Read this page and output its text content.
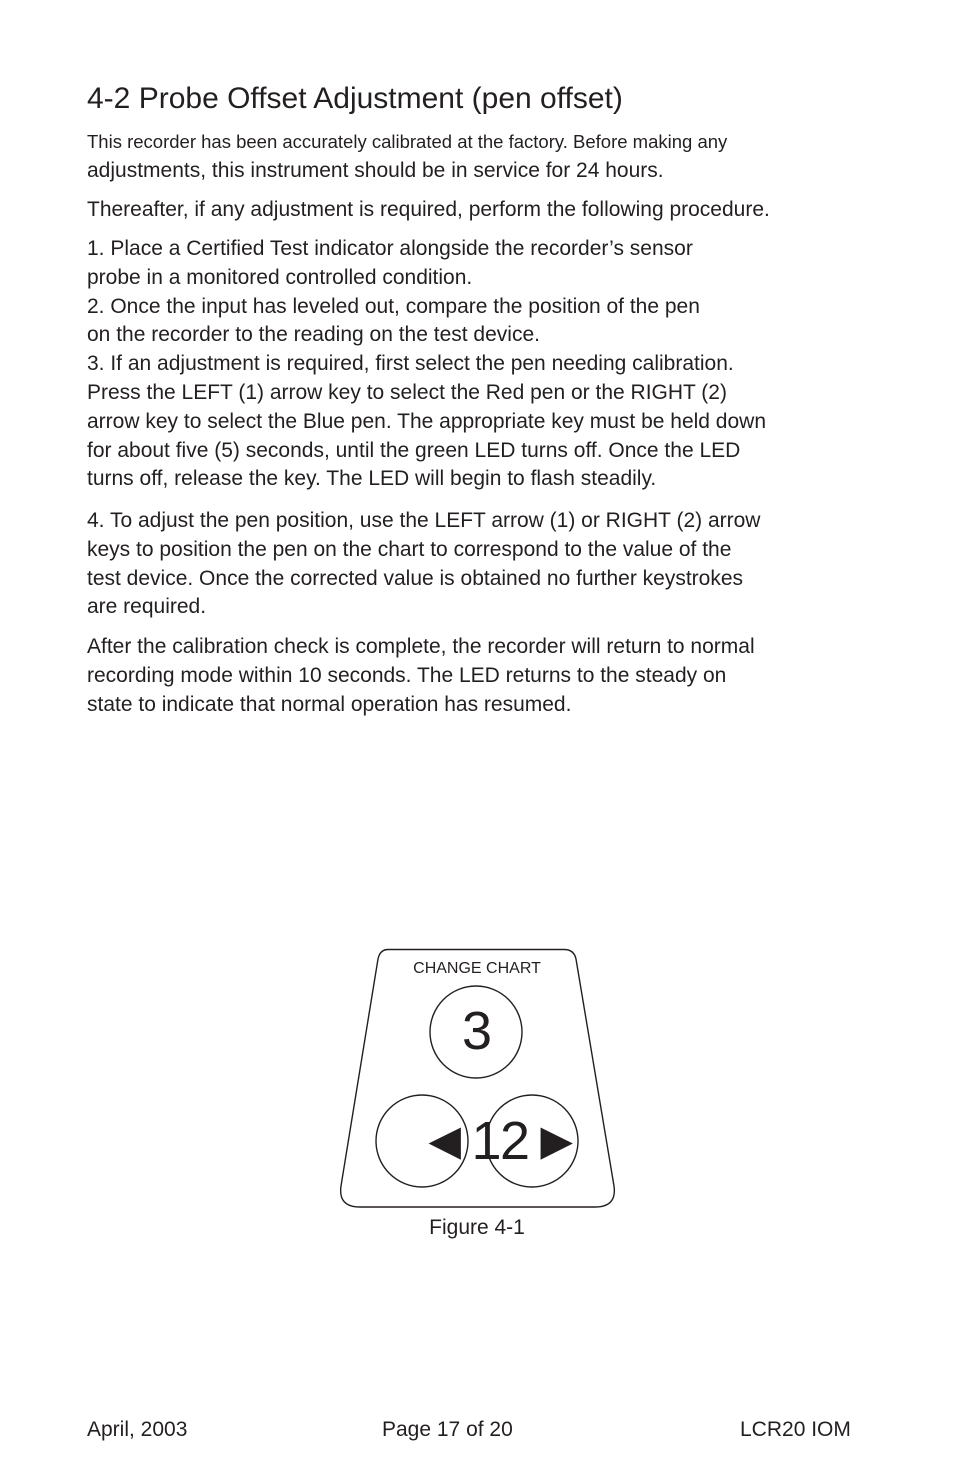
4-2 Probe Offset Adjustment (pen offset)

This recorder has been accurately calibrated at the factory. Before making any
adjustments, this instrument should be in service for 24 hours.

Thereafter, if any adjustment is required, perform the following procedure.

1. Place a Certified Test indicator alongside the recorder’s sensor
probe in a monitored controlled condition.
2. Once the input has leveled out, compare the position of the pen
on the recorder to the reading on the test device.
3. If an adjustment is required, first select the pen needing calibration.
Press the LEFT (1) arrow key to select the Red pen or the RIGHT (2)
arrow key to select the Blue pen. The appropriate key must be held down
for about five (5) seconds, until the green LED turns off. Once the LED
turns off, release the key. The LED will begin to flash steadily.

4. To adjust the pen position, use the LEFT arrow (1) or RIGHT (2) arrow
keys to position the pen on the chart to correspond to the value of the
test device. Once the corrected value is obtained no further keystrokes
are required.

After the calibration check is complete, the recorder will return to normal
recording mode within 10 seconds. The LED returns to the steady on
state to indicate that normal operation has resumed.

CHANGE CHART
3
◄1
2►
Figure 4-1
April, 2003	Page 17 of 20	LCR20 IOM
